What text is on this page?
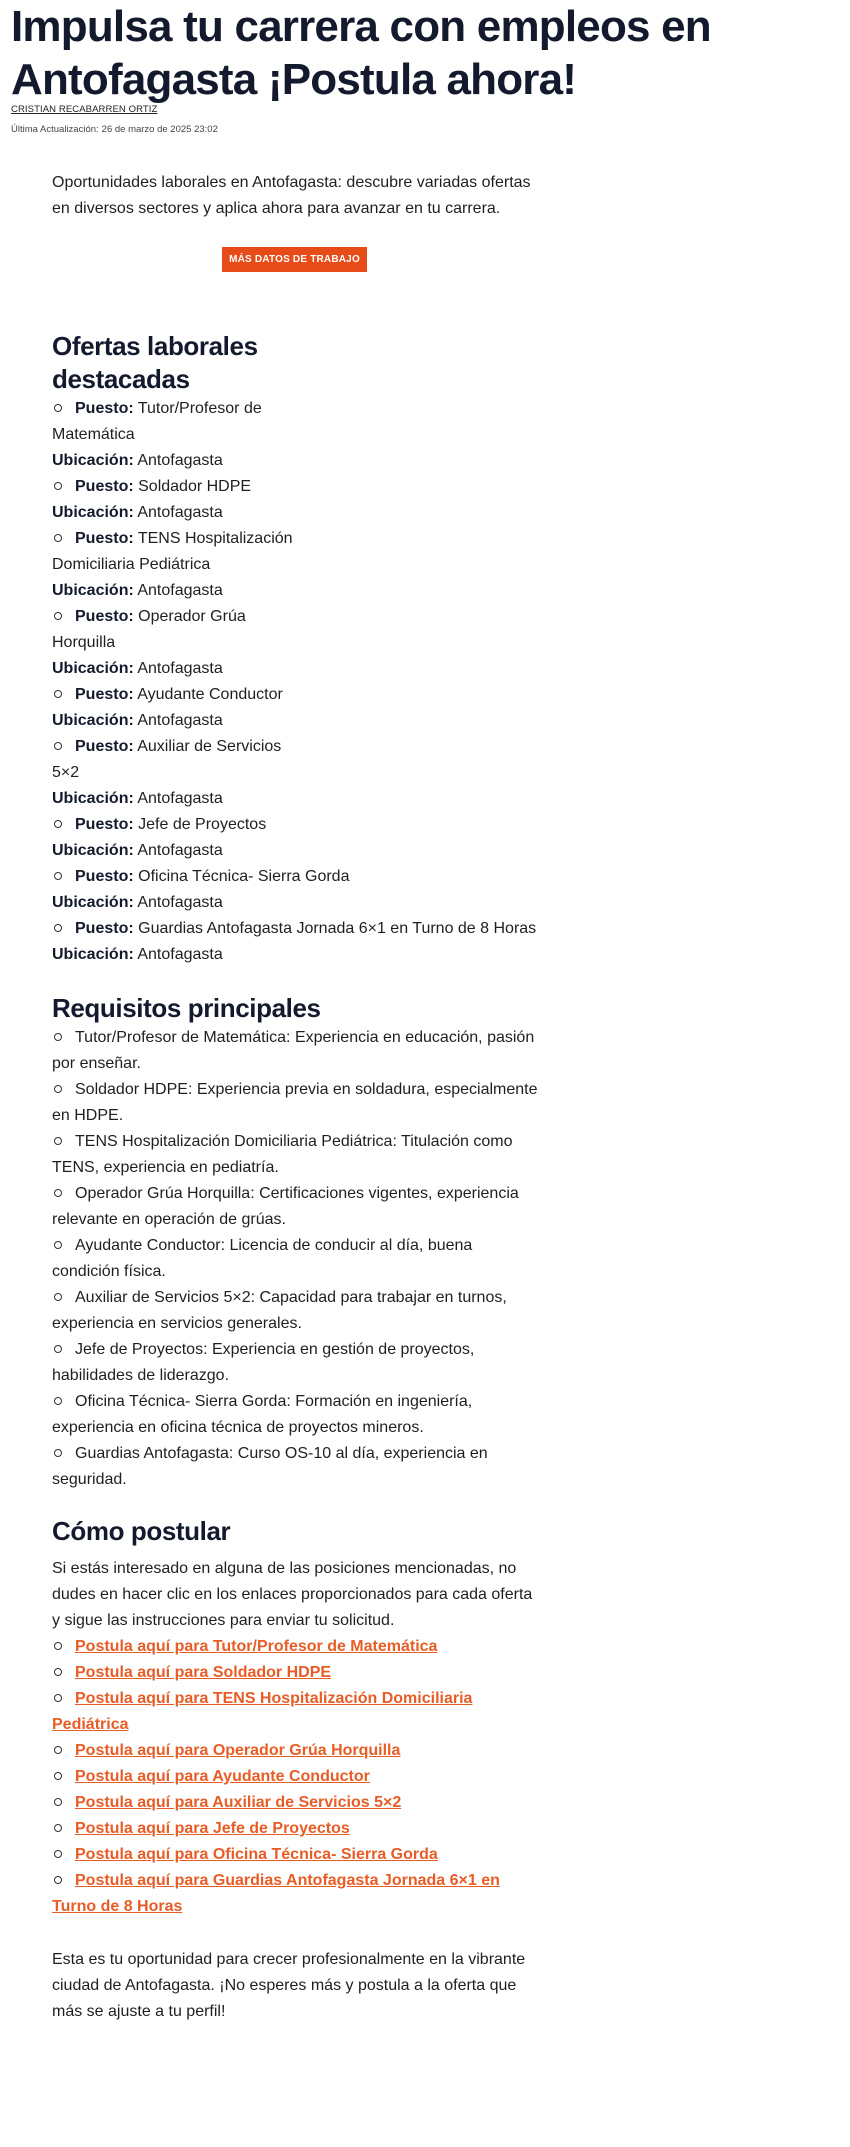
Impulsa tu carrera con empleos en Antofagasta ¡Postula ahora!
CRISTIAN RECABARREN ORTIZ
Última Actualización: 26 de marzo de 2025 23:02

Oportunidades laborales en Antofagasta: descubre variadas ofertas en diversos sectores y aplica ahora para avanzar en tu carrera.

MÁS DATOS DE TRABAJO
Ofertas laborales destacadas
Puesto: Tutor/Profesor de Matemática
Ubicación: Antofagasta
Puesto: Soldador HDPE
Ubicación: Antofagasta
Puesto: TENS Hospitalización Domiciliaria Pediátrica
Ubicación: Antofagasta
Puesto: Operador Grúa Horquilla
Ubicación: Antofagasta
Puesto: Ayudante Conductor
Ubicación: Antofagasta
Puesto: Auxiliar de Servicios 5×2
Ubicación: Antofagasta
Puesto: Jefe de Proyectos
Ubicación: Antofagasta
Puesto: Oficina Técnica- Sierra Gorda
Ubicación: Antofagasta
Puesto: Guardias Antofagasta Jornada 6×1 en Turno de 8 Horas
Ubicación: Antofagasta
Requisitos principales
Tutor/Profesor de Matemática: Experiencia en educación, pasión por enseñar.
Soldador HDPE: Experiencia previa en soldadura, especialmente en HDPE.
TENS Hospitalización Domiciliaria Pediátrica: Titulación como TENS, experiencia en pediatría.
Operador Grúa Horquilla: Certificaciones vigentes, experiencia relevante en operación de grúas.
Ayudante Conductor: Licencia de conducir al día, buena condición física.
Auxiliar de Servicios 5×2: Capacidad para trabajar en turnos, experiencia en servicios generales.
Jefe de Proyectos: Experiencia en gestión de proyectos, habilidades de liderazgo.
Oficina Técnica- Sierra Gorda: Formación en ingeniería, experiencia en oficina técnica de proyectos mineros.
Guardias Antofagasta: Curso OS-10 al día, experiencia en seguridad.
Cómo postular

Si estás interesado en alguna de las posiciones mencionadas, no dudes en hacer clic en los enlaces proporcionados para cada oferta y sigue las instrucciones para enviar tu solicitud.

Postula aquí para Tutor/Profesor de Matemática
Postula aquí para Soldador HDPE
Postula aquí para TENS Hospitalización Domiciliaria Pediátrica
Postula aquí para Operador Grúa Horquilla
Postula aquí para Ayudante Conductor
Postula aquí para Auxiliar de Servicios 5×2
Postula aquí para Jefe de Proyectos
Postula aquí para Oficina Técnica- Sierra Gorda
Postula aquí para Guardias Antofagasta Jornada 6×1 en Turno de 8 Horas

Esta es tu oportunidad para crecer profesionalmente en la vibrante ciudad de Antofagasta. ¡No esperes más y postula a la oferta que más se ajuste a tu perfil!
